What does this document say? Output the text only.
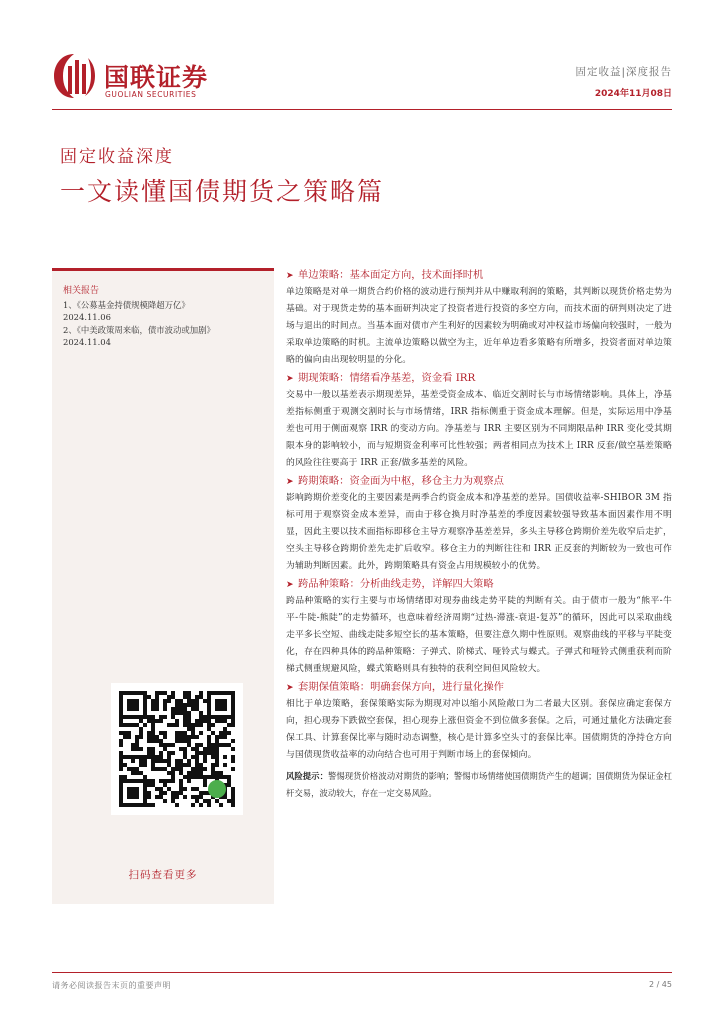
国联证券
GUOLIAN SECURITIES
固定收益|深度报告
2024年11月08日
固定收益深度
一文读懂国债期货之策略篇
相关报告
1、《公募基金持债规模降超万亿》
2024.11.06
2、《中美政策周来临，债市波动或加剧》
2024.11.04
扫码查看更多
➤ 单边策略：基本面定方向，技术面择时机
单边策略是对单一期货合约价格的波动进行预判并从中赚取利润的策略，其判断以现货价格走势为基础。对于现货走势的基本面研判决定了投资者进行投资的多空方向，而技术面的研判则决定了进场与退出的时间点。当基本面对债市产生利好的因素较为明确或对冲权益市场偏向较强时，一般为采取单边策略的时机。主流单边策略以做空为主，近年单边看多策略有所增多，投资者面对单边策略的偏向由出现较明显的分化。
➤ 期现策略：情绪看净基差，资金看 IRR
交易中一般以基差表示期现差异，基差受资金成本、临近交割时长与市场情绪影响。具体上，净基差指标侧重于观测交割时长与市场情绪，IRR 指标侧重于资金成本理解。但是，实际运用中净基差也可用于侧面观察 IRR 的变动方向。净基差与 IRR 主要区别为不同期限品种 IRR 变化受其期限本身的影响较小，而与短期资金利率可比性较强；两者相同点为技术上 IRR 反套/做空基差策略的风险往往要高于 IRR 正套/做多基差的风险。
➤ 跨期策略：资金面为中枢，移仓主力为观察点
影响跨期价差变化的主要因素是两季合约资金成本和净基差的差异。国债收益率-SHIBOR 3M 指标可用于观察资金成本差异，而由于移仓换月时净基差的季度因素较强导致基本面因素作用不明显，因此主要以技术面指标即移仓主导方观察净基差差异，多头主导移仓跨期价差先收窄后走扩，空头主导移仓跨期价差先走扩后收窄。移仓主力的判断往往和 IRR 正反套的判断较为一致也可作为辅助判断因素。此外，跨期策略具有资金占用规模较小的优势。
➤ 跨品种策略：分析曲线走势，详解四大策略
跨品种策略的实行主要与市场情绪即对现券曲线走势平陡的判断有关。由于债市一般为“熊平-牛平-牛陡-熊陡”的走势循环，也意味着经济周期“过热-滞涨-衰退-复苏”的循环，因此可以采取曲线走平多长空短、曲线走陡多短空长的基本策略，但要注意久期中性原则。观察曲线的平移与平陡变化，存在四种具体的跨品种策略：子弹式、阶梯式、哑铃式与蝶式。子弹式和哑铃式侧重获利而阶梯式侧重规避风险，蝶式策略则具有独特的获利空间但风险较大。
➤ 套期保值策略：明确套保方向，进行量化操作
相比于单边策略，套保策略实际为期现对冲以缩小风险敞口为二者最大区别。套保应确定套保方向，担心现券下跌做空套保，担心现券上涨但资金不到位做多套保。之后，可通过量化方法确定套保工具、计算套保比率与随时动态调整，核心是计算多空头寸的套保比率。国债期货的净持仓方向与国债现货收益率的动向结合也可用于判断市场上的套保倾向。
风险提示：警惕现货价格波动对期货的影响；警惕市场情绪使国债期货产生的超调；国债期货为保证金杠杆交易，波动较大，存在一定交易风险。
请务必阅读报告末页的重要声明	2 / 45
